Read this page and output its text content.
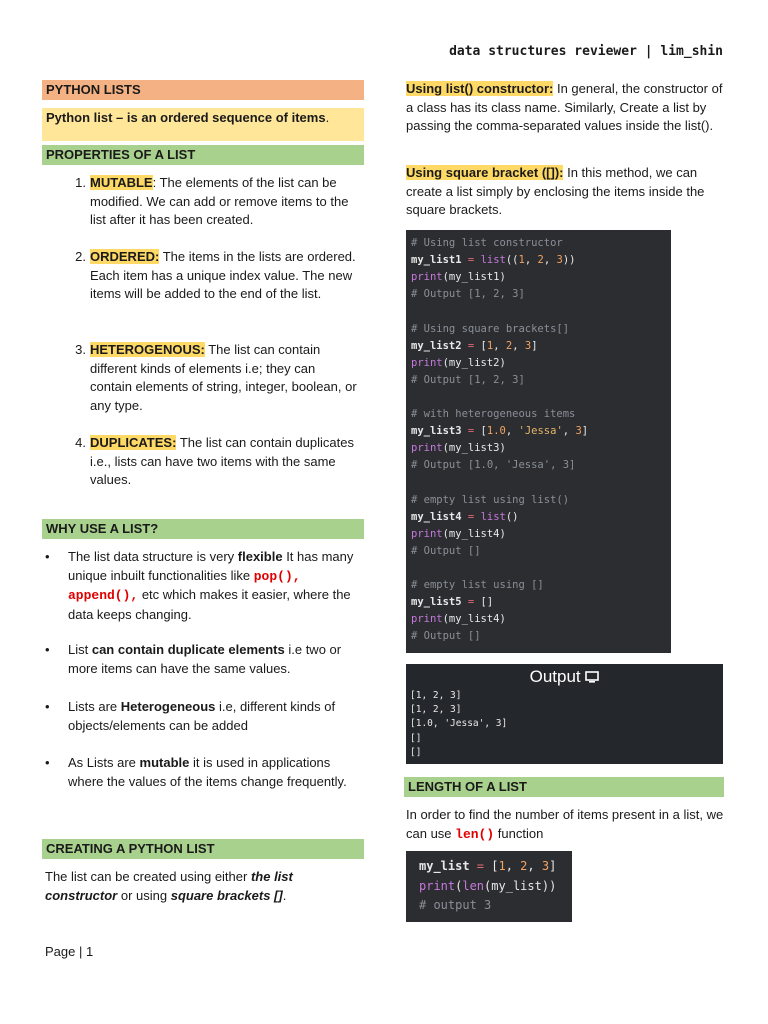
data structures reviewer | lim_shin
PYTHON LISTS
Python list – is an ordered sequence of items.
PROPERTIES OF A LIST
1. MUTABLE: The elements of the list can be modified. We can add or remove items to the list after it has been created.
2. ORDERED: The items in the lists are ordered. Each item has a unique index value. The new items will be added to the end of the list.
3. HETEROGENOUS: The list can contain different kinds of elements i.e; they can contain elements of string, integer, boolean, or any type.
4. DUPLICATES: The list can contain duplicates i.e., lists can have two items with the same values.
WHY USE A LIST?
• The list data structure is very flexible It has many unique inbuilt functionalities like pop(), append(), etc which makes it easier, where the data keeps changing.
• List can contain duplicate elements i.e two or more items can have the same values.
• Lists are Heterogeneous i.e, different kinds of objects/elements can be added
• As Lists are mutable it is used in applications where the values of the items change frequently.
CREATING A PYTHON LIST
The list can be created using either the list constructor or using square brackets [].
Page | 1
Using list() constructor: In general, the constructor of a class has its class name. Similarly, Create a list by passing the comma-separated values inside the list().
Using square bracket ([]): In this method, we can create a list simply by enclosing the items inside the square brackets.
# Using list constructor
my_list1 = list((1, 2, 3))
print(my_list1)
# Output [1, 2, 3]
# Using square brackets[]
my_list2 = [1, 2, 3]
print(my_list2)
# Output [1, 2, 3]
# with heterogeneous items
my_list3 = [1.0, 'Jessa', 3]
print(my_list3)
# Output [1.0, 'Jessa', 3]
# empty list using list()
my_list4 = list()
print(my_list4)
# Output []
# empty list using []
my_list5 = []
print(my_list4)
# Output []
Output
[1, 2, 3]
[1, 2, 3]
[1.0, 'Jessa', 3]
[]
[]
LENGTH OF A LIST
In order to find the number of items present in a list, we can use len() function
my_list = [1, 2, 3]
print(len(my_list))
# output 3
